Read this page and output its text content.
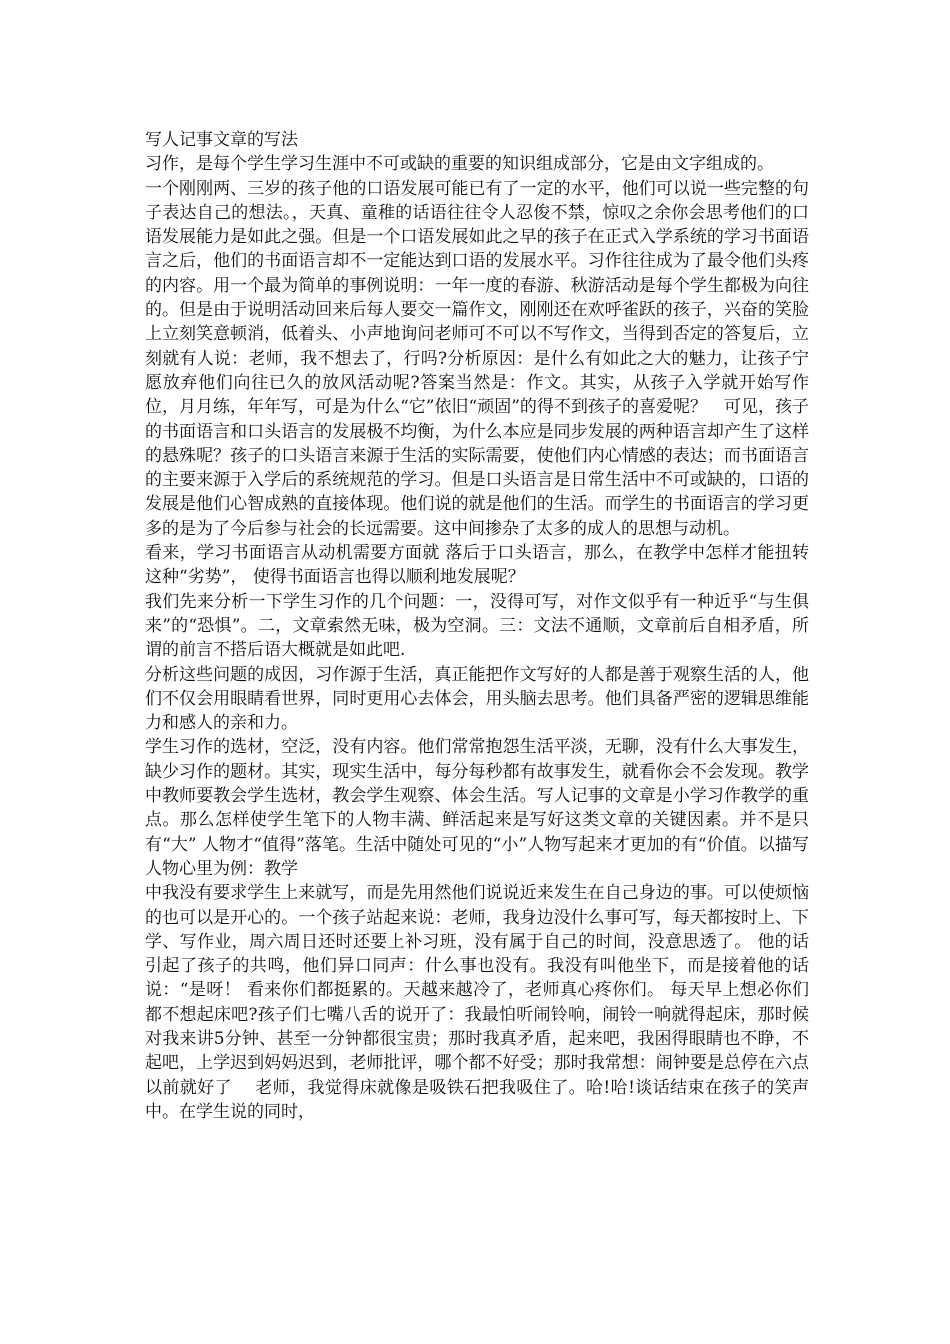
写人记事文章的写法

习作，是每个学生学习生涯中不可或缺的重要的知识组成部分，它是由文字组成的。

一个刚刚两、三岁的孩子他的口语发展可能已有了一定的水平，他们可以说一些完整的句子表达自己的想法。，天真、童稚的话语往往令人忍俊不禁，惊叹之余你会思考他们的口语发展能力是如此之强。但是一个口语发展如此之早的孩子在正式入学系统的学习书面语言之后，他们的书面语言却不一定能达到口语的发展水平。习作往往成为了最令他们头疼的内容。用一个最为简单的事例说明：一年一度的春游、秋游活动是每个学生都极为向往的。但是由于说明活动回来后每人要交一篇作文，刚刚还在欢呼雀跃的孩子，兴奋的笑脸上立刻笑意顿消，低着头、小声地询问老师可不可以不写作文，当得到否定的答复后，立刻就有人说：老师，我不想去了，行吗?分析原因：是什么有如此之大的魅力，让孩子宁愿放弃他们向往已久的放风活动呢?答案当然是：作文。其实，从孩子入学就开始写作位，月月练，年年写，可是为什么“它”依旧“顽固”的得不到孩子的喜爱呢？　可见，孩子的书面语言和口头语言的发展极不均衡，为什么本应是同步发展的两种语言却产生了这样的悬殊呢？孩子的口头语言来源于生活的实际需要，使他们内心情感的表达；而书面语言的主要来源于入学后的系统规范的学习。但是口头语言是日常生活中不可或缺的，口语的发展是他们心智成熟的直接体现。他们说的就是他们的生活。而学生的书面语言的学习更多的是为了今后参与社会的长远需要。这中间掺杂了太多的成人的思想与动机。

看来，学习书面语言从动机需要方面就 落后于口头语言，那么，在教学中怎样才能扭转这种“劣势”， 使得书面语言也得以顺利地发展呢？

我们先来分析一下学生习作的几个问题：一，没得可写，对作文似乎有一种近乎“与生俱来”的“恐惧”。二，文章索然无味，极为空洞。三：文法不通顺，文章前后自相矛盾，所谓的前言不搭后语大概就是如此吧.

分析这些问题的成因，习作源于生活，真正能把作文写好的人都是善于观察生活的人，他们不仅会用眼睛看世界，同时更用心去体会，用头脑去思考。他们具备严密的逻辑思维能力和感人的亲和力。

学生习作的选材，空泛，没有内容。他们常常抱怨生活平淡，无聊，没有什么大事发生，缺少习作的题材。其实，现实生活中，每分每秒都有故事发生，就看你会不会发现。教学中教师要教会学生选材，教会学生观察、体会生活。写人记事的文章是小学习作教学的重点。那么怎样使学生笔下的人物丰满、鲜活起来是写好这类文章的关键因素。并不是只有“大” 人物才“值得”落笔。生活中随处可见的“小”人物写起来才更加的有“价值。以描写人物心里为例：教学

中我没有要求学生上来就写，而是先用然他们说说近来发生在自己身边的事。可以使烦恼的也可以是开心的。一个孩子站起来说：老师，我身边没什么事可写，每天都按时上、下学、写作业，周六周日还时还要上补习班，没有属于自己的时间，没意思透了。 他的话引起了孩子的共鸣，他们异口同声：什么事也没有。我没有叫他坐下，而是接着他的话说：“是呀！ 看来你们都挺累的。天越来越冷了，老师真心疼你们。 每天早上想必你们都不想起床吧?孩子们七嘴八舌的说开了：我最怕听闹铃响，闹铃一响就得起床，那时候对我来讲5分钟、甚至一分钟都很宝贵；那时我真矛盾，起来吧，我困得眼睛也不睁，不起吧，上学迟到妈妈迟到，老师批评，哪个都不好受；那时我常想：闹钟要是总停在六点以前就好了　 老师，我觉得床就像是吸铁石把我吸住了。哈!哈!谈话结束在孩子的笑声中。在学生说的同时，
